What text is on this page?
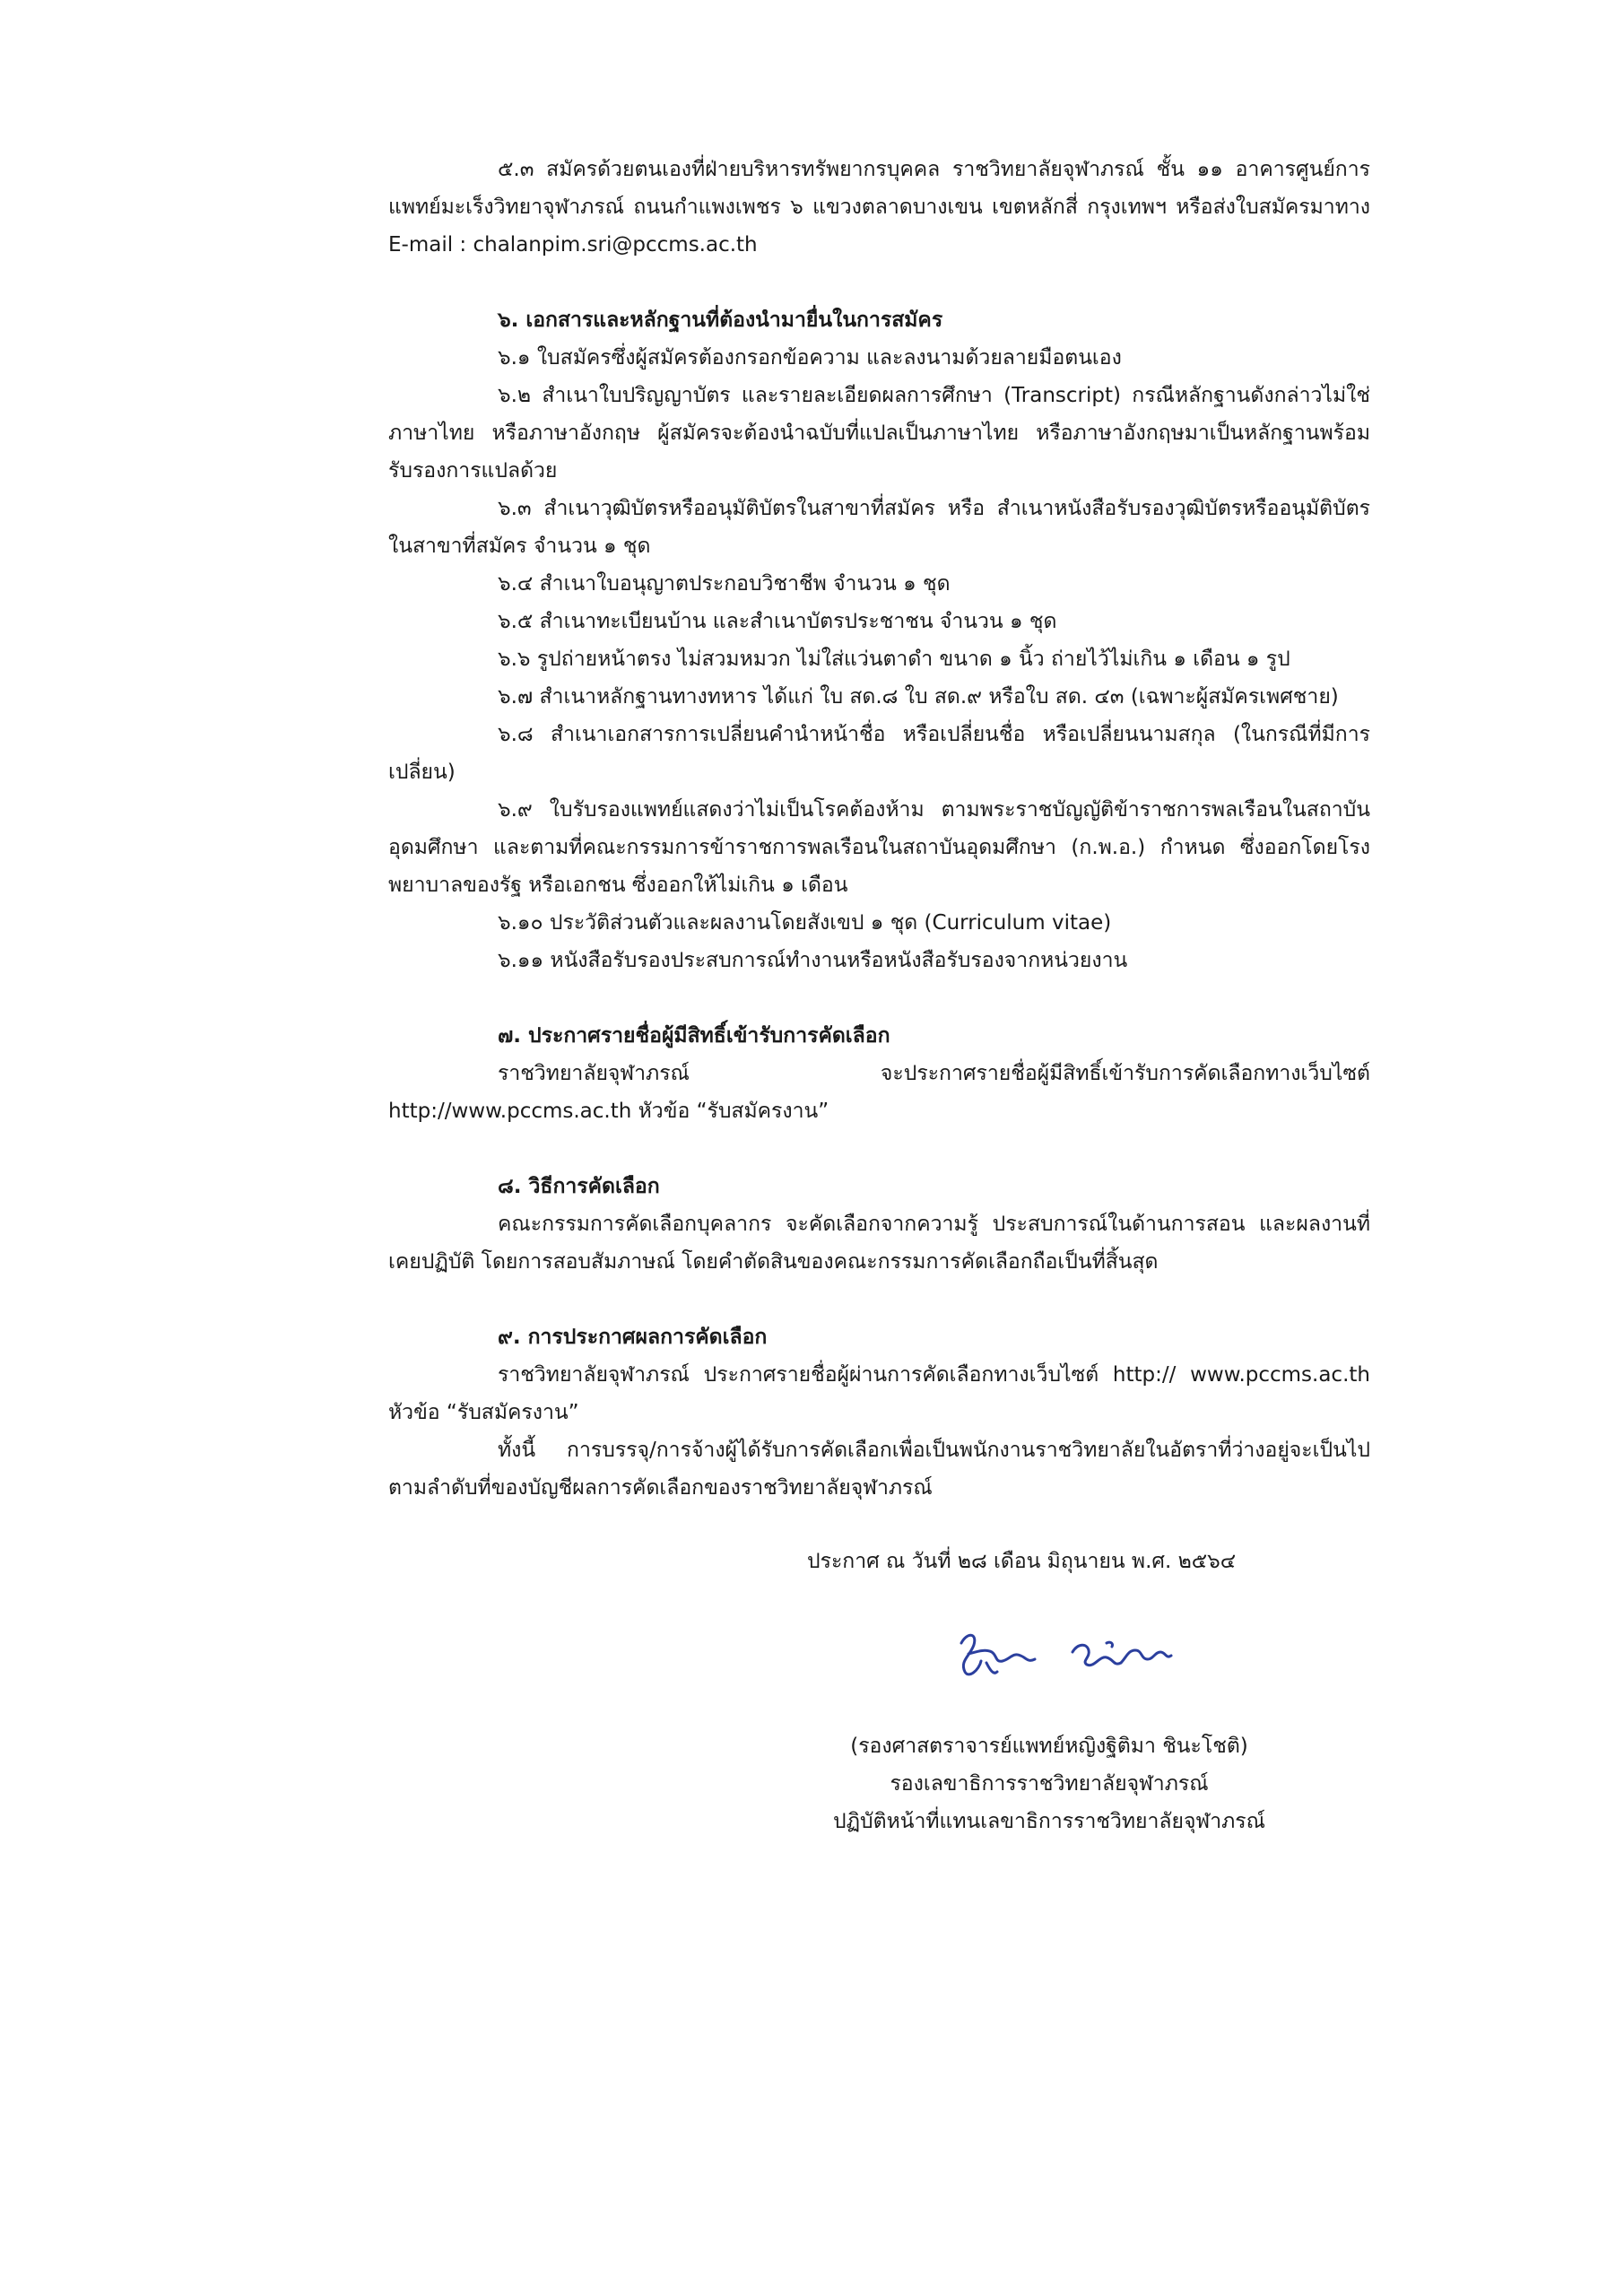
๕.๓ สมัครด้วยตนเองที่ฝ่ายบริหารทรัพยากรบุคคล ราชวิทยาลัยจุฬาภรณ์ ชั้น ๑๑ อาคารศูนย์การแพทย์มะเร็งวิทยาจุฬาภรณ์ ถนนกำแพงเพชร ๖ แขวงตลาดบางเขน เขตหลักสี่ กรุงเทพฯ หรือส่งใบสมัครมาทาง E-mail : chalanpim.sri@pccms.ac.th

๖. เอกสารและหลักฐานที่ต้องนำมายื่นในการสมัคร

๖.๑ ใบสมัครซึ่งผู้สมัครต้องกรอกข้อความ และลงนามด้วยลายมือตนเอง

๖.๒ สำเนาใบปริญญาบัตร และรายละเอียดผลการศึกษา (Transcript) กรณีหลักฐานดังกล่าวไม่ใช่ภาษาไทย หรือภาษาอังกฤษ ผู้สมัครจะต้องนำฉบับที่แปลเป็นภาษาไทย หรือภาษาอังกฤษมาเป็นหลักฐานพร้อมรับรองการแปลด้วย

๖.๓ สำเนาวุฒิบัตรหรืออนุมัติบัตรในสาขาที่สมัคร หรือ สำเนาหนังสือรับรองวุฒิบัตรหรืออนุมัติบัตรในสาขาที่สมัคร จำนวน ๑ ชุด

๖.๔ สำเนาใบอนุญาตประกอบวิชาชีพ จำนวน ๑ ชุด

๖.๕ สำเนาทะเบียนบ้าน และสำเนาบัตรประชาชน จำนวน ๑ ชุด

๖.๖ รูปถ่ายหน้าตรง ไม่สวมหมวก ไม่ใส่แว่นตาดำ ขนาด ๑ นิ้ว ถ่ายไว้ไม่เกิน ๑ เดือน ๑ รูป

๖.๗ สำเนาหลักฐานทางทหาร ได้แก่ ใบ สด.๘ ใบ สด.๙ หรือใบ สด. ๔๓ (เฉพาะผู้สมัครเพศชาย)

๖.๘ สำเนาเอกสารการเปลี่ยนคำนำหน้าชื่อ หรือเปลี่ยนชื่อ หรือเปลี่ยนนามสกุล (ในกรณีที่มีการเปลี่ยน)

๖.๙ ใบรับรองแพทย์แสดงว่าไม่เป็นโรคต้องห้าม ตามพระราชบัญญัติข้าราชการพลเรือนในสถาบันอุดมศึกษา และตามที่คณะกรรมการข้าราชการพลเรือนในสถาบันอุดมศึกษา (ก.พ.อ.) กำหนด ซึ่งออกโดยโรงพยาบาลของรัฐ หรือเอกชน ซึ่งออกให้ไม่เกิน ๑ เดือน

๖.๑๐ ประวัติส่วนตัวและผลงานโดยสังเขป ๑ ชุด (Curriculum vitae)

๖.๑๑ หนังสือรับรองประสบการณ์ทำงานหรือหนังสือรับรองจากหน่วยงาน

๗. ประกาศรายชื่อผู้มีสิทธิ์เข้ารับการคัดเลือก

ราชวิทยาลัยจุฬาภรณ์ จะประกาศรายชื่อผู้มีสิทธิ์เข้ารับการคัดเลือกทางเว็บไซต์ http://www.pccms.ac.th หัวข้อ “รับสมัครงาน”

๘. วิธีการคัดเลือก

คณะกรรมการคัดเลือกบุคลากร จะคัดเลือกจากความรู้ ประสบการณ์ในด้านการสอน และผลงานที่เคยปฏิบัติ โดยการสอบสัมภาษณ์ โดยคำตัดสินของคณะกรรมการคัดเลือกถือเป็นที่สิ้นสุด

๙. การประกาศผลการคัดเลือก

ราชวิทยาลัยจุฬาภรณ์ ประกาศรายชื่อผู้ผ่านการคัดเลือกทางเว็บไซต์ http:// www.pccms.ac.th หัวข้อ “รับสมัครงาน”

ทั้งนี้ การบรรจุ/การจ้างผู้ได้รับการคัดเลือกเพื่อเป็นพนักงานราชวิทยาลัยในอัตราที่ว่างอยู่จะเป็นไปตามลำดับที่ของบัญชีผลการคัดเลือกของราชวิทยาลัยจุฬาภรณ์

ประกาศ ณ วันที่ ๒๘ เดือน มิถุนายน พ.ศ. ๒๕๖๔
(รองศาสตราจารย์แพทย์หญิงฐิติมา ชินะโชติ)
รองเลขาธิการราชวิทยาลัยจุฬาภรณ์
ปฏิบัติหน้าที่แทนเลขาธิการราชวิทยาลัยจุฬาภรณ์
